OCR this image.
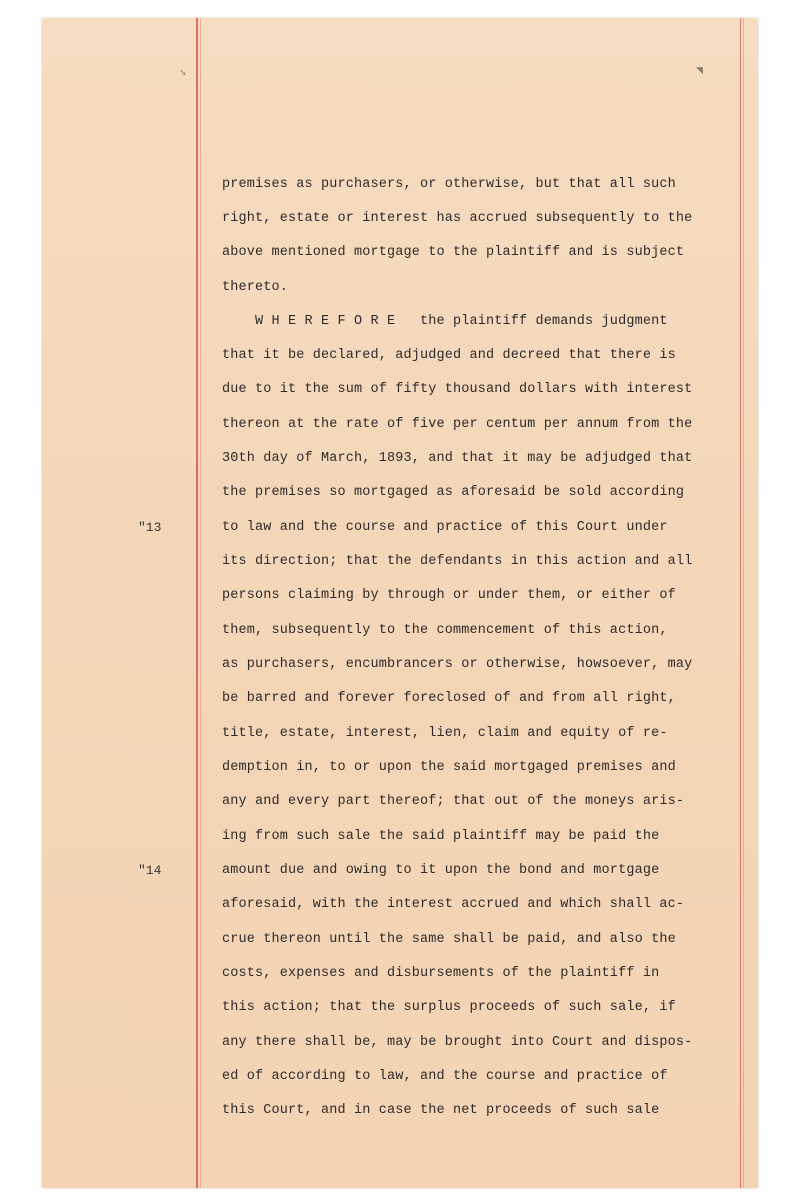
↘	◥

"13

"14

premises as purchasers, or otherwise, but that all such

right, estate or interest has accrued subsequently to the

above mentioned mortgage to the plaintiff and is subject

thereto.

W H E R E F O R E   the plaintiff demands judgment

that it be declared, adjudged and decreed that there is

due to it the sum of fifty thousand dollars with interest

thereon at the rate of five per centum per annum from the

30th day of March, 1893, and that it may be adjudged that

the premises so mortgaged as aforesaid be sold according

to law and the course and practice of this Court under

its direction; that the defendants in this action and all

persons claiming by through or under them, or either of

them, subsequently to the commencement of this action,

as purchasers, encumbrancers or otherwise, howsoever, may

be barred and forever foreclosed of and from all right,

title, estate, interest, lien, claim and equity of re-

demption in, to or upon the said mortgaged premises and

any and every part thereof; that out of the moneys aris-

ing from such sale the said plaintiff may be paid the

amount due and owing to it upon the bond and mortgage

aforesaid, with the interest accrued and which shall ac-

crue thereon until the same shall be paid, and also the

costs, expenses and disbursements of the plaintiff in

this action; that the surplus proceeds of such sale, if

any there shall be, may be brought into Court and dispos-

ed of according to law, and the course and practice of

this Court, and in case the net proceeds of such sale
